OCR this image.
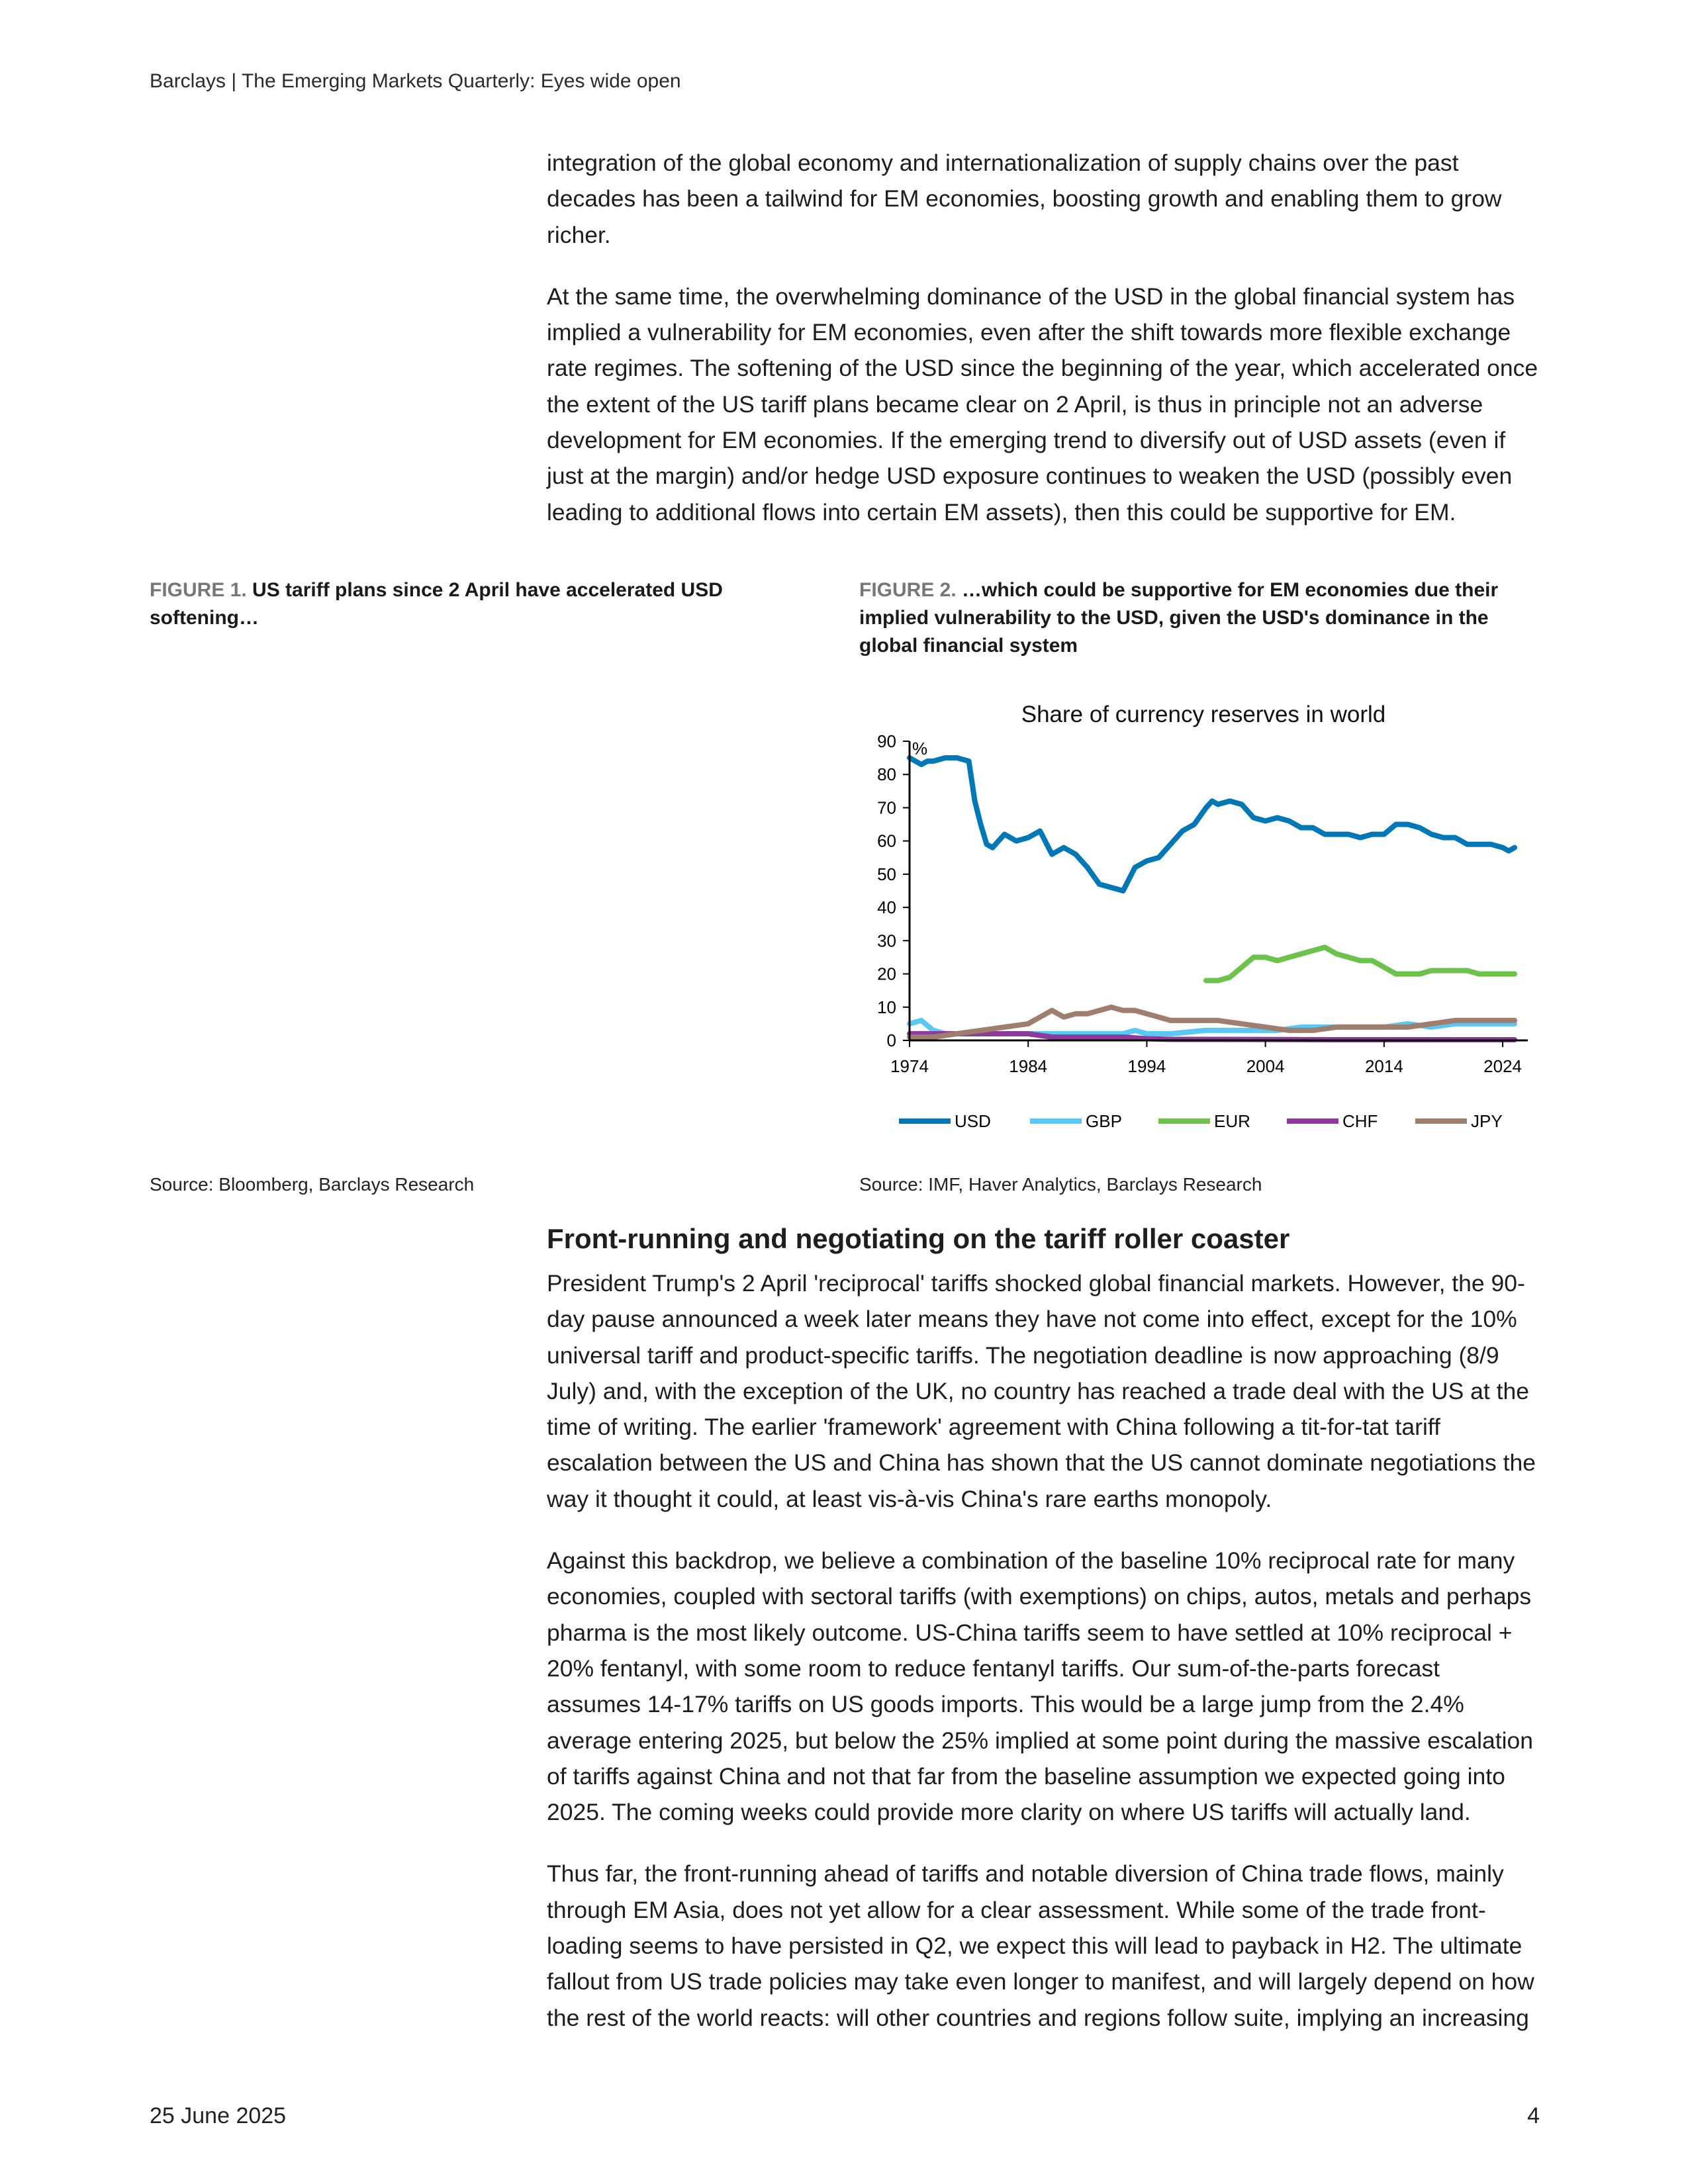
Barclays | The Emerging Markets Quarterly: Eyes wide open

integration of the global economy and internationalization of supply chains over the past decades has been a tailwind for EM economies, boosting growth and enabling them to grow richer.

At the same time, the overwhelming dominance of the USD in the global financial system has implied a vulnerability for EM economies, even after the shift towards more flexible exchange rate regimes. The softening of the USD since the beginning of the year, which accelerated once the extent of the US tariff plans became clear on 2 April, is thus in principle not an adverse development for EM economies. If the emerging trend to diversify out of USD assets (even if just at the margin) and/or hedge USD exposure continues to weaken the USD (possibly even leading to additional flows into certain EM assets), then this could be supportive for EM.

FIGURE 1. US tariff plans since 2 April have accelerated USD softening…
FIGURE 2. …which could be supportive for EM economies due their implied vulnerability to the USD, given the USD's dominance in the global financial system
Share of currency reserves in world
0
10
20
30
40
50
60
70
80
90 %
1974	1984	1994	2004	2014	2024
USD	GBP	EUR	CHF	JPY
Source: Bloomberg, Barclays Research	Source: IMF, Haver Analytics, Barclays Research
Front-running and negotiating on the tariff roller coaster

President Trump's 2 April 'reciprocal' tariffs shocked global financial markets. However, the 90-day pause announced a week later means they have not come into effect, except for the 10% universal tariff and product-specific tariffs. The negotiation deadline is now approaching (8/9 July) and, with the exception of the UK, no country has reached a trade deal with the US at the time of writing. The earlier 'framework' agreement with China following a tit-for-tat tariff escalation between the US and China has shown that the US cannot dominate negotiations the way it thought it could, at least vis-à-vis China's rare earths monopoly.

Against this backdrop, we believe a combination of the baseline 10% reciprocal rate for many economies, coupled with sectoral tariffs (with exemptions) on chips, autos, metals and perhaps pharma is the most likely outcome. US-China tariffs seem to have settled at 10% reciprocal + 20% fentanyl, with some room to reduce fentanyl tariffs. Our sum-of-the-parts forecast assumes 14-17% tariffs on US goods imports. This would be a large jump from the 2.4% average entering 2025, but below the 25% implied at some point during the massive escalation of tariffs against China and not that far from the baseline assumption we expected going into 2025. The coming weeks could provide more clarity on where US tariffs will actually land.

Thus far, the front-running ahead of tariffs and notable diversion of China trade flows, mainly through EM Asia, does not yet allow for a clear assessment. While some of the trade front-loading seems to have persisted in Q2, we expect this will lead to payback in H2. The ultimate fallout from US trade policies may take even longer to manifest, and will largely depend on how the rest of the world reacts: will other countries and regions follow suite, implying an increasing

25 June 2025	4
